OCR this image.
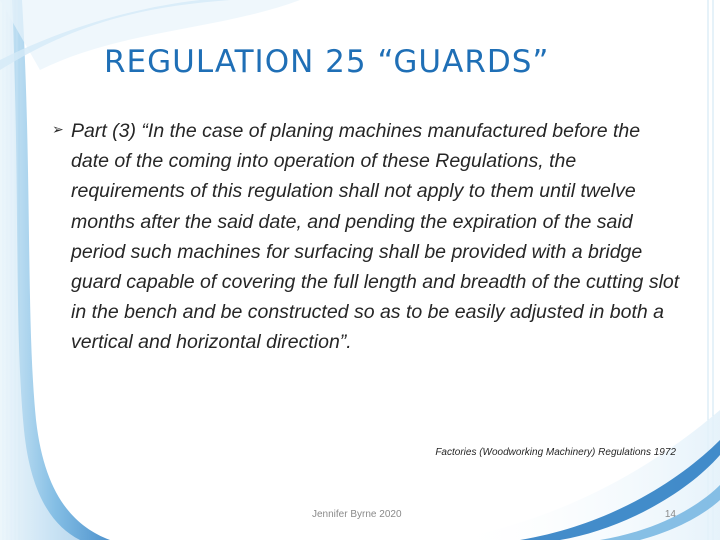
REGULATION 25 “GUARDS”
➢ Part (3) “In the case of planing machines manufactured before the date of the coming into operation of these Regulations, the requirements of this regulation shall not apply to them until twelve months after the said date, and pending the expiration of the said period such machines for surfacing shall be provided with a bridge guard capable of covering the full length and breadth of the cutting slot in the bench and be constructed so as to be easily adjusted in both a vertical and horizontal direction”.
Factories (Woodworking Machinery) Regulations 1972
Jennifer Byrne 2020	14
